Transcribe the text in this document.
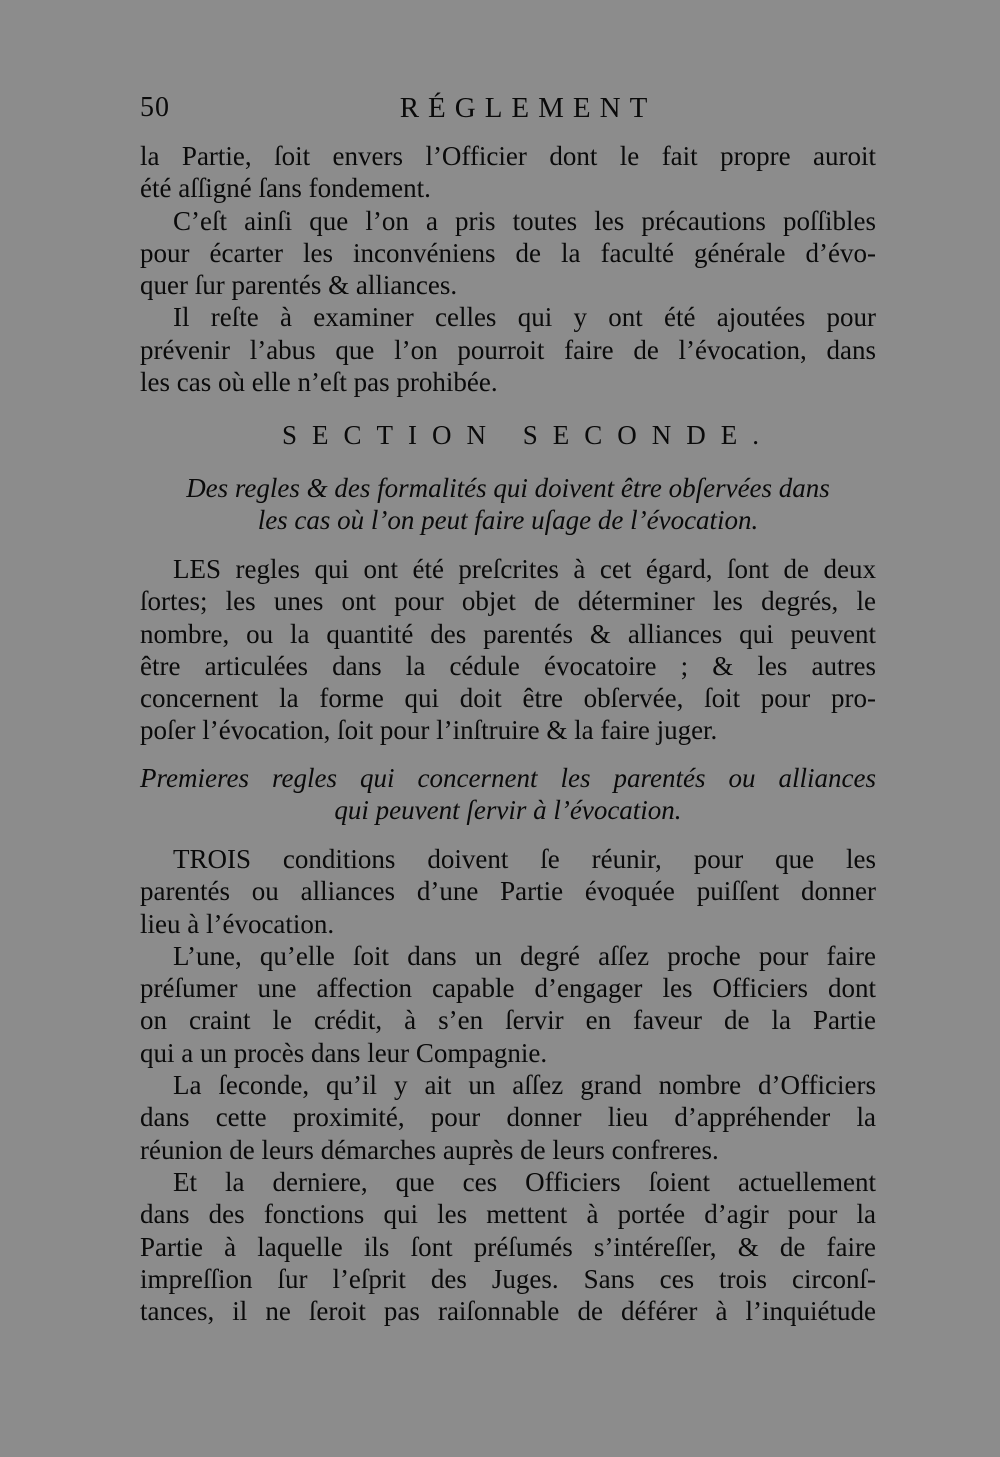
50	RÉGLEMENT
la Partie, ſoit envers l’Officier dont le fait propre auroit
été aſſigné ſans fondement.
C’eſt ainſi que l’on a pris toutes les précautions poſſibles
pour écarter les inconvéniens de la faculté générale d’évo-
quer ſur parentés & alliances.
Il reſte à examiner celles qui y ont été ajoutées pour
prévenir l’abus que l’on pourroit faire de l’évocation, dans
les cas où elle n’eſt pas prohibée.
SECTION SECONDE.
Des regles & des formalités qui doivent être obſervées dans
les cas où l’on peut faire uſage de l’évocation.
LES regles qui ont été preſcrites à cet égard, ſont de deux
ſortes; les unes ont pour objet de déterminer les degrés, le
nombre, ou la quantité des parentés & alliances qui peuvent
être articulées dans la cédule évocatoire ; & les autres
concernent la forme qui doit être obſervée, ſoit pour pro-
poſer l’évocation, ſoit pour l’inſtruire & la faire juger.
Premieres regles qui concernent les parentés ou alliances
qui peuvent ſervir à l’évocation.
TROIS conditions doivent ſe réunir, pour que les
parentés ou alliances d’une Partie évoquée puiſſent donner
lieu à l’évocation.
L’une, qu’elle ſoit dans un degré aſſez proche pour faire
préſumer une affection capable d’engager les Officiers dont
on craint le crédit, à s’en ſervir en faveur de la Partie
qui a un procès dans leur Compagnie.
La ſeconde, qu’il y ait un aſſez grand nombre d’Officiers
dans cette proximité, pour donner lieu d’appréhender la
réunion de leurs démarches auprès de leurs confreres.
Et la derniere, que ces Officiers ſoient actuellement
dans des fonctions qui les mettent à portée d’agir pour la
Partie à laquelle ils ſont préſumés s’intéreſſer, & de faire
impreſſion ſur l’eſprit des Juges. Sans ces trois circonſ-
tances, il ne ſeroit pas raiſonnable de déférer à l’inquiétude
